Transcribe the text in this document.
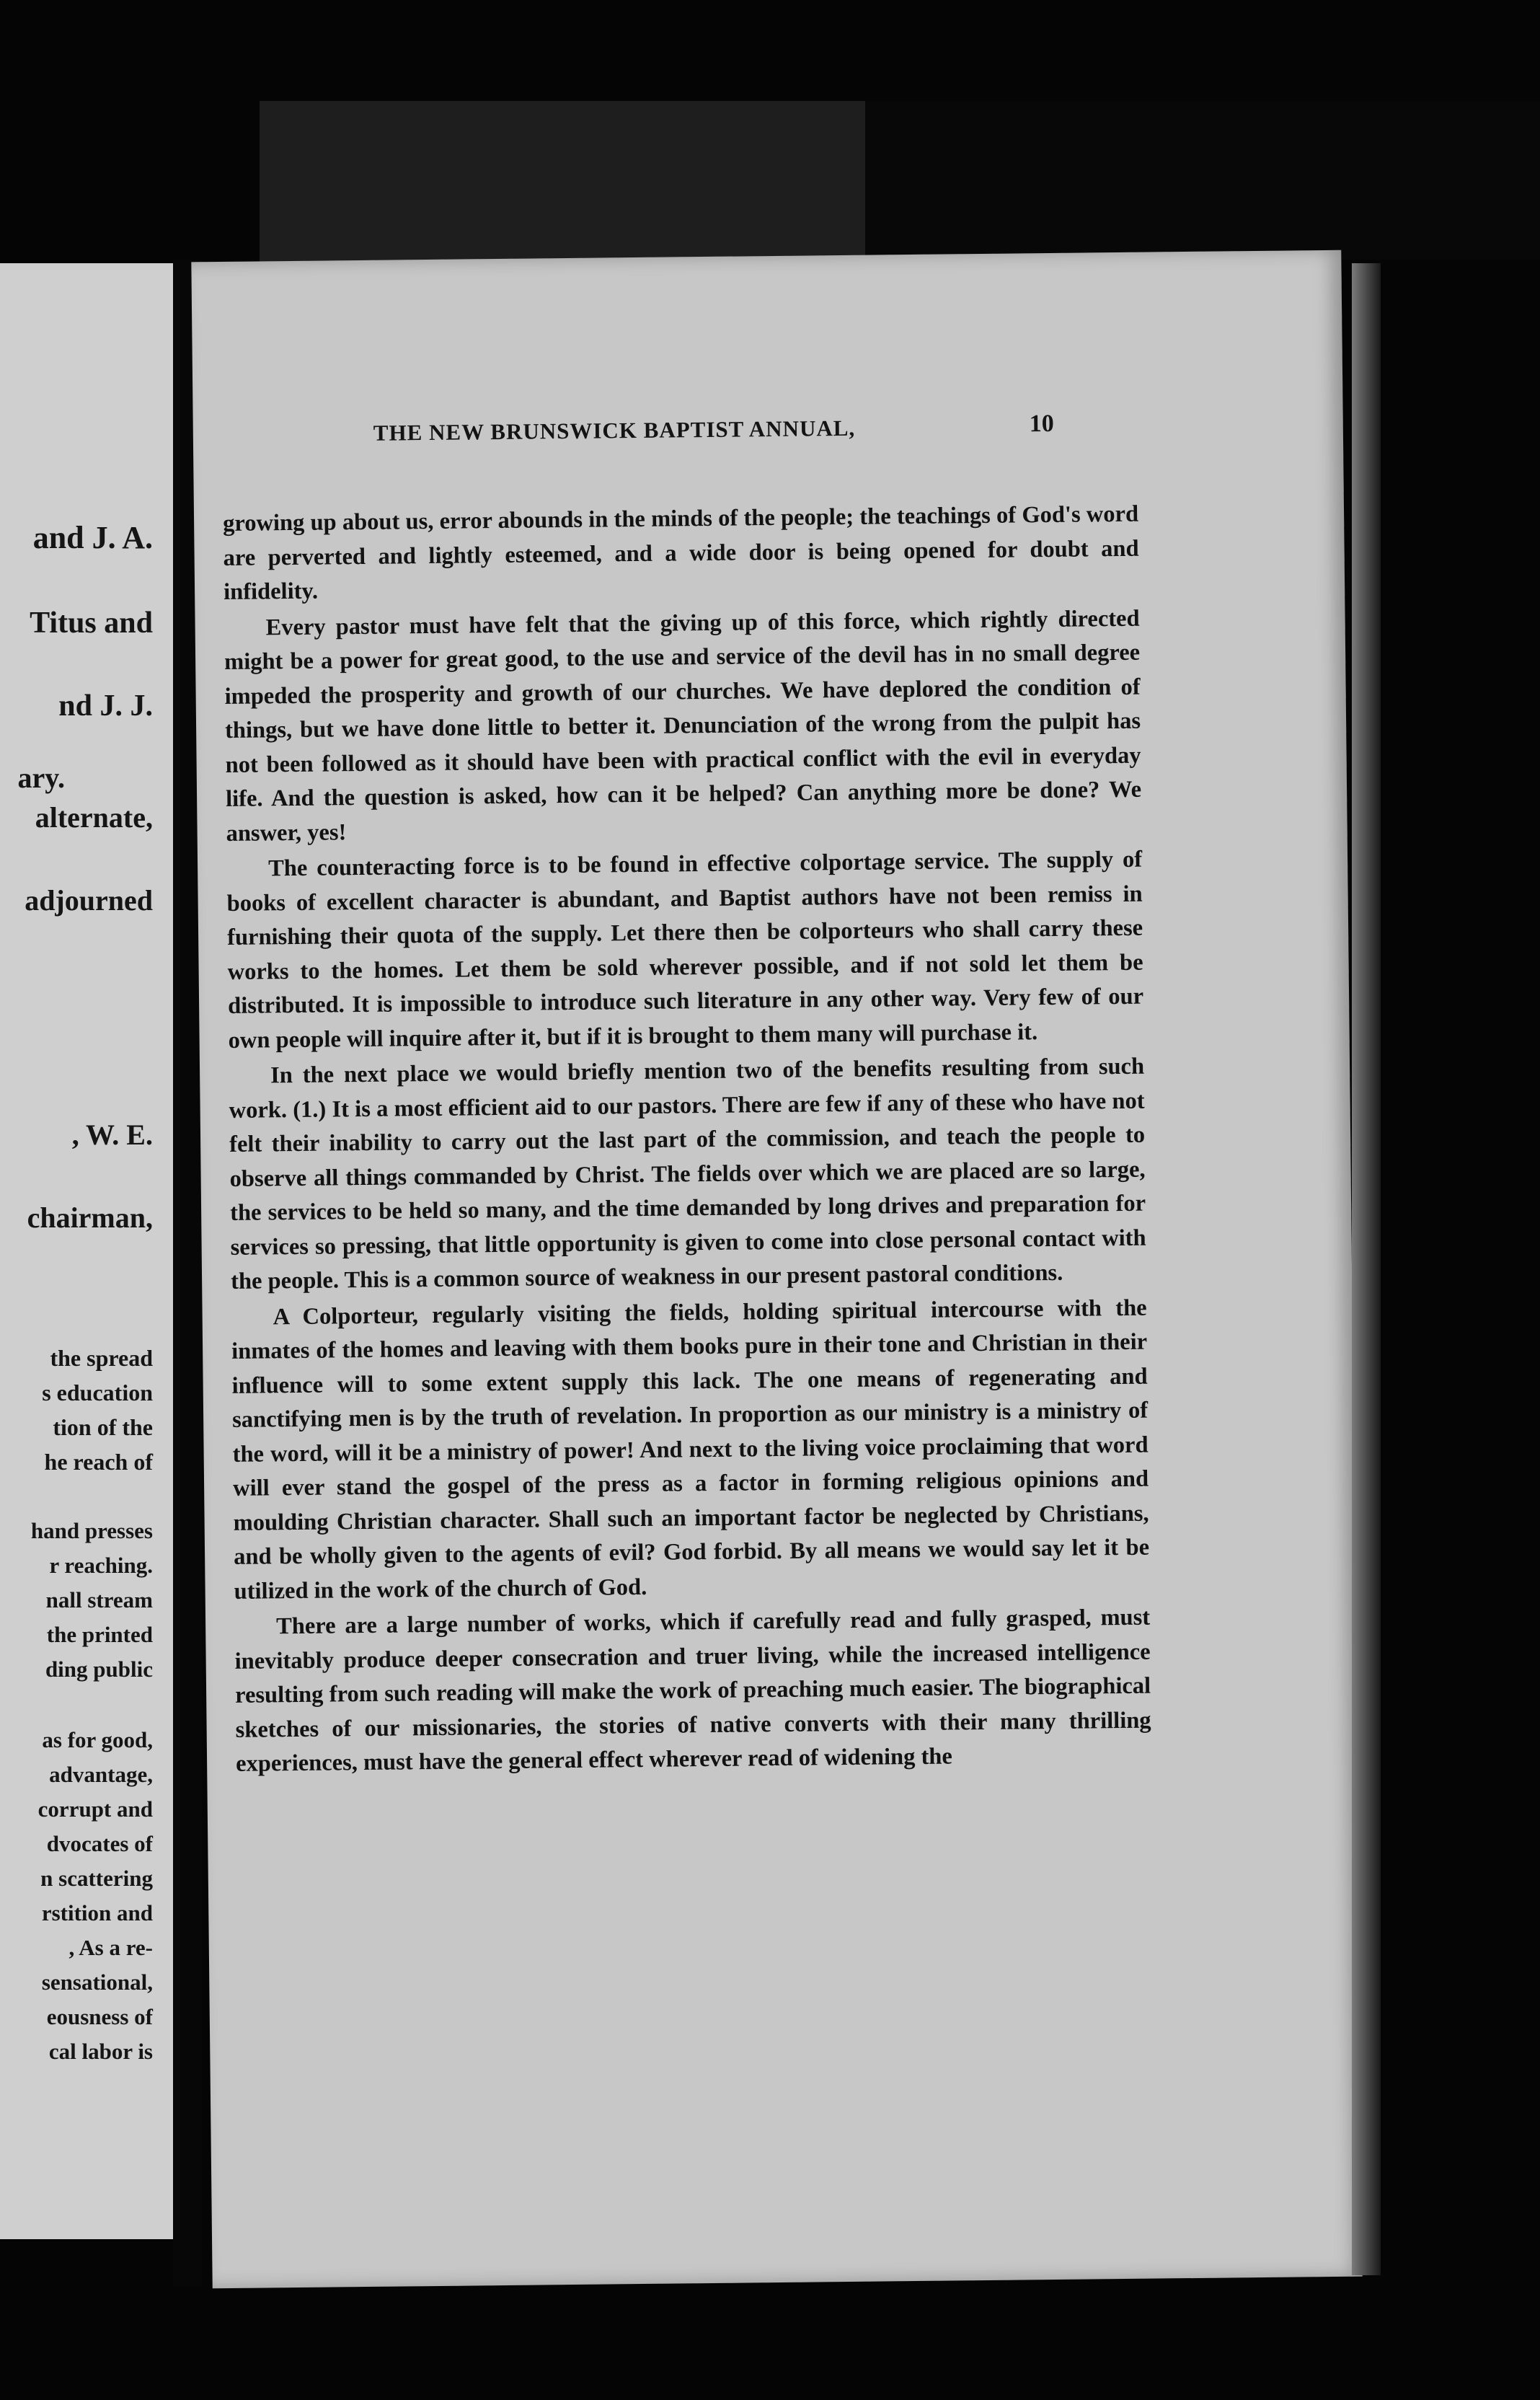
and J. A.
Titus and
nd J. J.
ary.
alternate,
adjourned
, W. E.
chairman,
the spread
s education
tion of the
he reach of
hand presses
r reaching.
nall stream
the printed
ding public
as for good,
advantage,
corrupt and
dvocates of
n scattering
rstition and
, As a re-
sensational,
eousness of
cal labor is
THE NEW BRUNSWICK BAPTIST ANNUAL,	10

growing up about us, error abounds in the minds of the people; the teachings of God's word are perverted and lightly esteemed, and a wide door is being opened for doubt and infidelity.

Every pastor must have felt that the giving up of this force, which rightly directed might be a power for great good, to the use and service of the devil has in no small degree impeded the prosperity and growth of our churches. We have deplored the condition of things, but we have done little to better it. Denunciation of the wrong from the pulpit has not been followed as it should have been with practical conflict with the evil in everyday life. And the question is asked, how can it be helped? Can anything more be done? We answer, yes!

The counteracting force is to be found in effective colportage service. The supply of books of excellent character is abundant, and Baptist authors have not been remiss in furnishing their quota of the supply. Let there then be colporteurs who shall carry these works to the homes. Let them be sold wherever possible, and if not sold let them be distributed. It is impossible to introduce such literature in any other way. Very few of our own people will inquire after it, but if it is brought to them many will purchase it.

In the next place we would briefly mention two of the benefits resulting from such work. (1.) It is a most efficient aid to our pastors. There are few if any of these who have not felt their inability to carry out the last part of the commission, and teach the people to observe all things commanded by Christ. The fields over which we are placed are so large, the services to be held so many, and the time demanded by long drives and preparation for services so pressing, that little opportunity is given to come into close personal contact with the people. This is a common source of weakness in our present pastoral conditions.

A Colporteur, regularly visiting the fields, holding spiritual intercourse with the inmates of the homes and leaving with them books pure in their tone and Christian in their influence will to some extent supply this lack. The one means of regenerating and sanctifying men is by the truth of revelation. In proportion as our ministry is a ministry of the word, will it be a ministry of power! And next to the living voice proclaiming that word will ever stand the gospel of the press as a factor in forming religious opinions and moulding Christian character. Shall such an important factor be neglected by Christians, and be wholly given to the agents of evil? God forbid. By all means we would say let it be utilized in the work of the church of God.

There are a large number of works, which if carefully read and fully grasped, must inevitably produce deeper consecration and truer living, while the increased intelligence resulting from such reading will make the work of preaching much easier. The biographical sketches of our missionaries, the stories of native converts with their many thrilling experiences, must have the general effect wherever read of widening the
